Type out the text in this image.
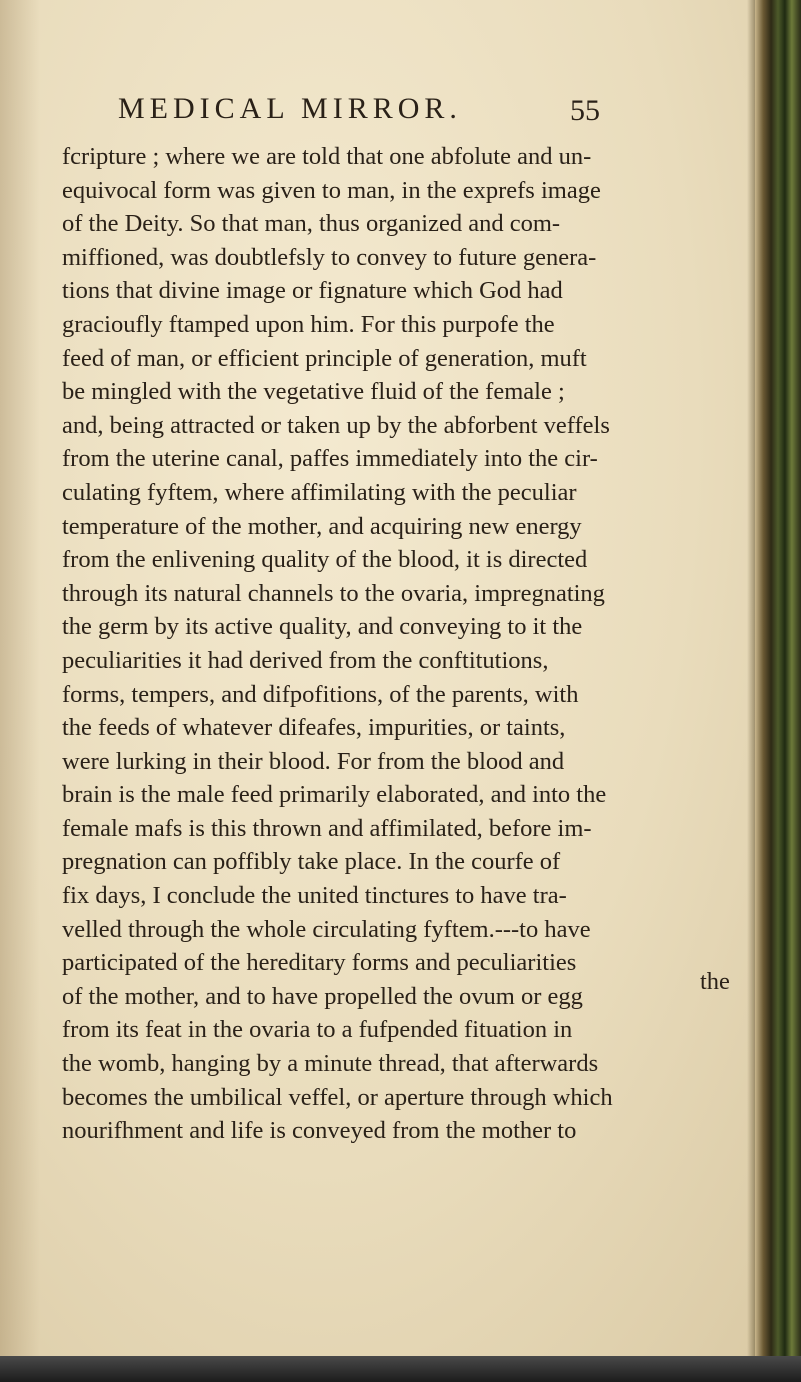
MEDICAL MIRROR.	55
fcripture ; where we are told that one abfolute and un-
equivocal form was given to man, in the exprefs image
of the Deity. So that man, thus organized and com-
miffioned, was doubtlefsly to convey to future genera-
tions that divine image or fignature which God had
gracioufly ftamped upon him. For this purpofe the
feed of man, or efficient principle of generation, muft
be mingled with the vegetative fluid of the female ;
and, being attracted or taken up by the abforbent veffels
from the uterine canal, paffes immediately into the cir-
culating fyftem, where affimilating with the peculiar
temperature of the mother, and acquiring new energy
from the enlivening quality of the blood, it is directed
through its natural channels to the ovaria, impregnating
the germ by its active quality, and conveying to it the
peculiarities it had derived from the conftitutions,
forms, tempers, and difpofitions, of the parents, with
the feeds of whatever difeafes, impurities, or taints,
were lurking in their blood. For from the blood and
brain is the male feed primarily elaborated, and into the
female mafs is this thrown and affimilated, before im-
pregnation can poffibly take place. In the courfe of
fix days, I conclude the united tinctures to have tra-
velled through the whole circulating fyftem.---to have
participated of the hereditary forms and peculiarities
of the mother, and to have propelled the ovum or egg
from its feat in the ovaria to a fufpended fituation in
the womb, hanging by a minute thread, that afterwards
becomes the umbilical veffel, or aperture through which
nourifhment and life is conveyed from the mother to
the
